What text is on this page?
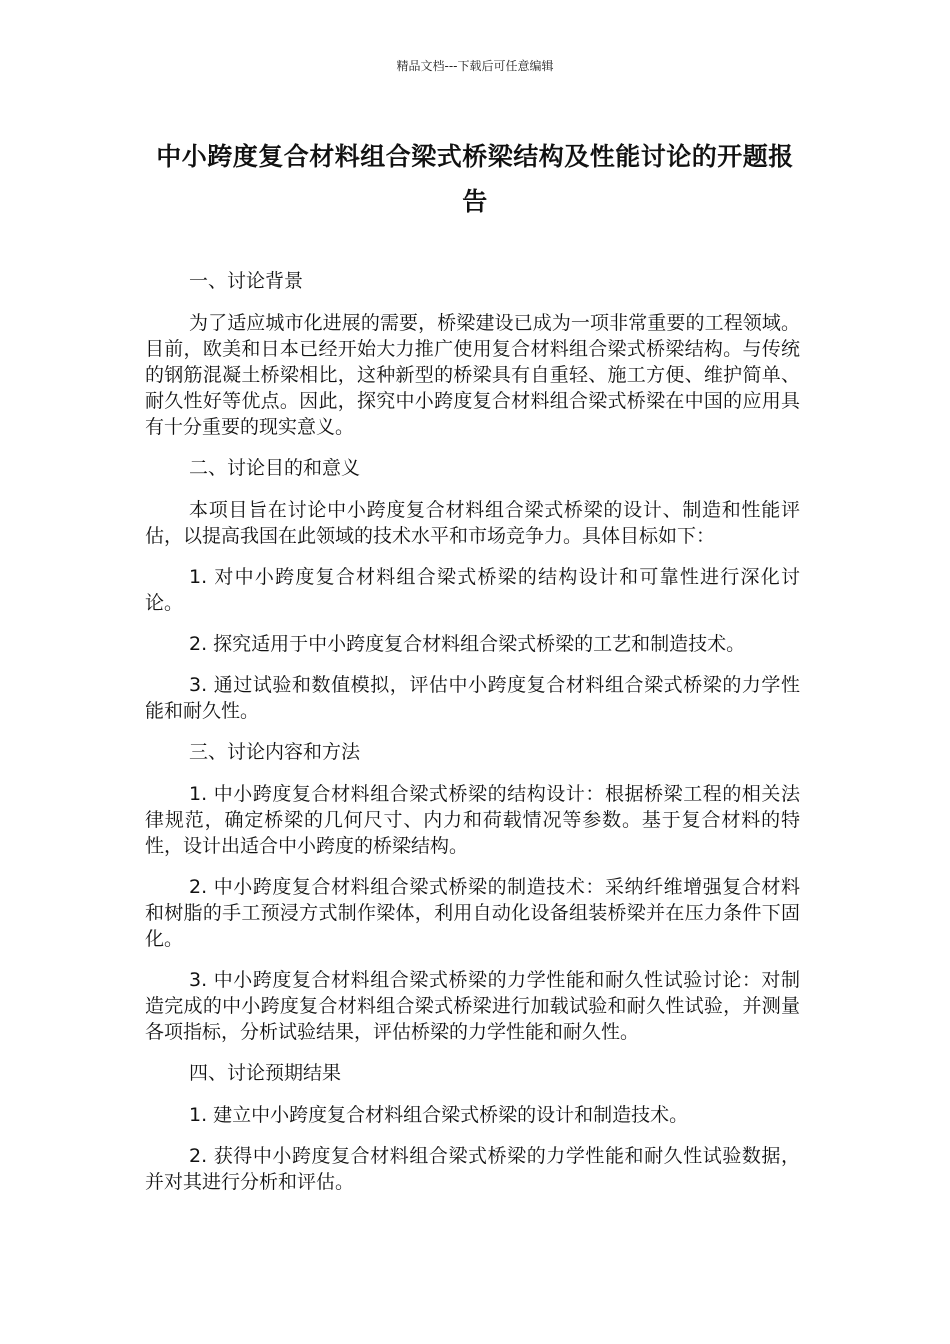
精品文档---下载后可任意编辑
中小跨度复合材料组合梁式桥梁结构及性能讨论的开题报告

一、讨论背景

为了适应城市化进展的需要，桥梁建设已成为一项非常重要的工程领域。目前，欧美和日本已经开始大力推广使用复合材料组合梁式桥梁结构。与传统的钢筋混凝土桥梁相比，这种新型的桥梁具有自重轻、施工方便、维护简单、耐久性好等优点。因此，探究中小跨度复合材料组合梁式桥梁在中国的应用具有十分重要的现实意义。

二、讨论目的和意义

本项目旨在讨论中小跨度复合材料组合梁式桥梁的设计、制造和性能评估，以提高我国在此领域的技术水平和市场竞争力。具体目标如下：

1. 对中小跨度复合材料组合梁式桥梁的结构设计和可靠性进行深化讨论。

2. 探究适用于中小跨度复合材料组合梁式桥梁的工艺和制造技术。

3. 通过试验和数值模拟，评估中小跨度复合材料组合梁式桥梁的力学性能和耐久性。

三、讨论内容和方法

1. 中小跨度复合材料组合梁式桥梁的结构设计：根据桥梁工程的相关法律规范，确定桥梁的几何尺寸、内力和荷载情况等参数。基于复合材料的特性，设计出适合中小跨度的桥梁结构。

2. 中小跨度复合材料组合梁式桥梁的制造技术：采纳纤维增强复合材料和树脂的手工预浸方式制作梁体，利用自动化设备组装桥梁并在压力条件下固化。

3. 中小跨度复合材料组合梁式桥梁的力学性能和耐久性试验讨论：对制造完成的中小跨度复合材料组合梁式桥梁进行加载试验和耐久性试验，并测量各项指标，分析试验结果，评估桥梁的力学性能和耐久性。

四、讨论预期结果

1. 建立中小跨度复合材料组合梁式桥梁的设计和制造技术。

2. 获得中小跨度复合材料组合梁式桥梁的力学性能和耐久性试验数据，并对其进行分析和评估。
